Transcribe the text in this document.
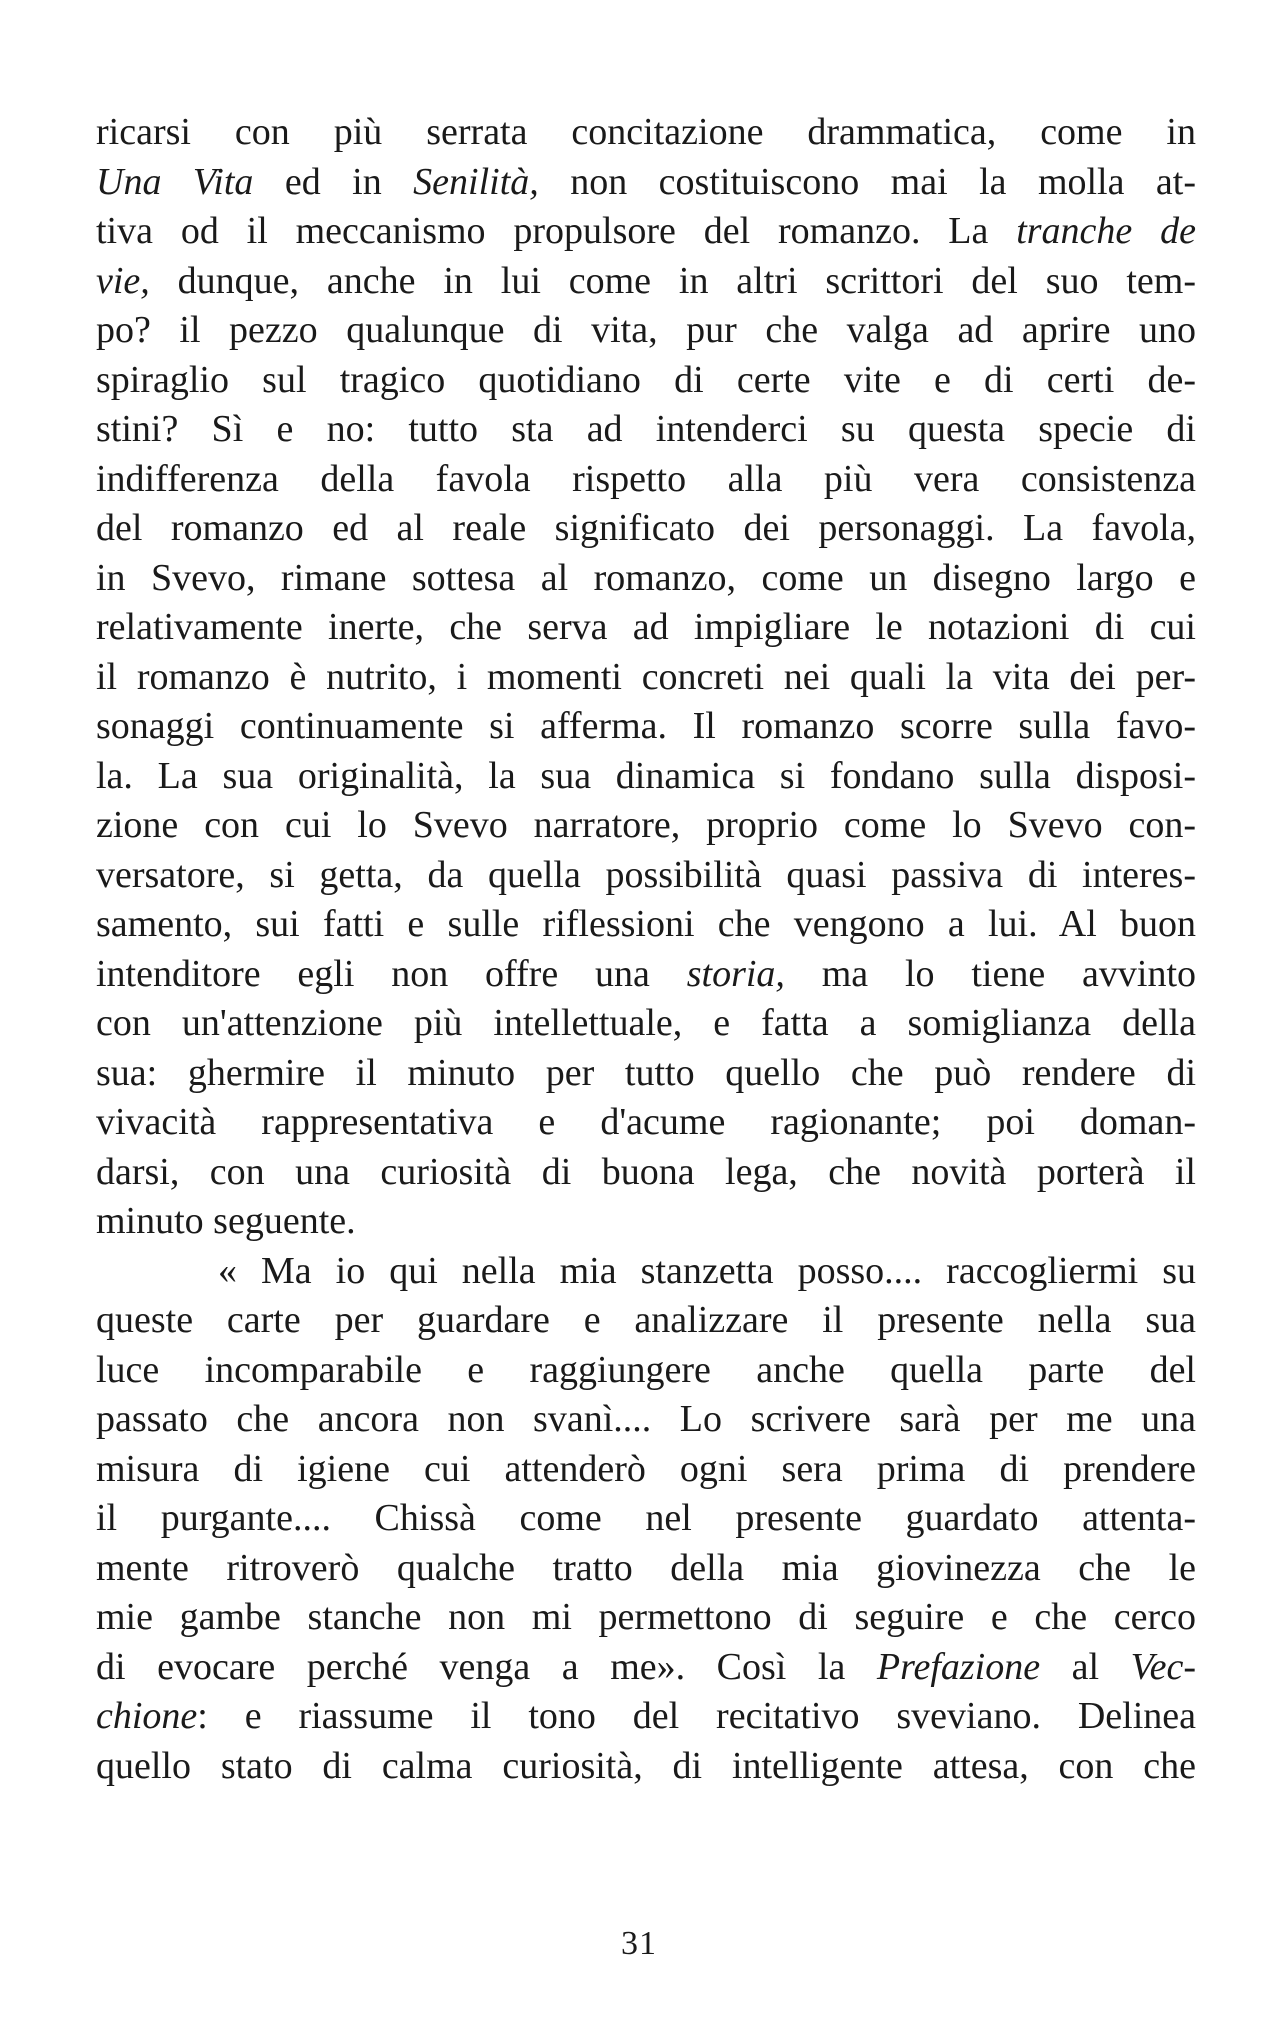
ricarsi con più serrata concitazione drammatica, come in
Una Vita ed in Senilità, non costituiscono mai la molla at-
tiva od il meccanismo propulsore del romanzo. La tranche de
vie, dunque, anche in lui come in altri scrittori del suo tem-
po? il pezzo qualunque di vita, pur che valga ad aprire uno
spiraglio sul tragico quotidiano di certe vite e di certi de-
stini? Sì e no: tutto sta ad intenderci su questa specie di
indifferenza della favola rispetto alla più vera consistenza
del romanzo ed al reale significato dei personaggi. La favola,
in Svevo, rimane sottesa al romanzo, come un disegno largo e
relativamente inerte, che serva ad impigliare le notazioni di cui
il romanzo è nutrito, i momenti concreti nei quali la vita dei per-
sonaggi continuamente si afferma. Il romanzo scorre sulla favo-
la. La sua originalità, la sua dinamica si fondano sulla disposi-
zione con cui lo Svevo narratore, proprio come lo Svevo con-
versatore, si getta, da quella possibilità quasi passiva di interes-
samento, sui fatti e sulle riflessioni che vengono a lui. Al buon
intenditore egli non offre una storia, ma lo tiene avvinto
con un'attenzione più intellettuale, e fatta a somiglianza della
sua: ghermire il minuto per tutto quello che può rendere di
vivacità rappresentativa e d'acume ragionante; poi doman-
darsi, con una curiosità di buona lega, che novità porterà il
minuto seguente.
« Ma io qui nella mia stanzetta posso.... raccogliermi su
queste carte per guardare e analizzare il presente nella sua
luce incomparabile e raggiungere anche quella parte del
passato che ancora non svanì.... Lo scrivere sarà per me una
misura di igiene cui attenderò ogni sera prima di prendere
il purgante.... Chissà come nel presente guardato attenta-
mente ritroverò qualche tratto della mia giovinezza che le
mie gambe stanche non mi permettono di seguire e che cerco
di evocare perché venga a me». Così la Prefazione al Vec-
chione: e riassume il tono del recitativo sveviano. Delinea
quello stato di calma curiosità, di intelligente attesa, con che
31
